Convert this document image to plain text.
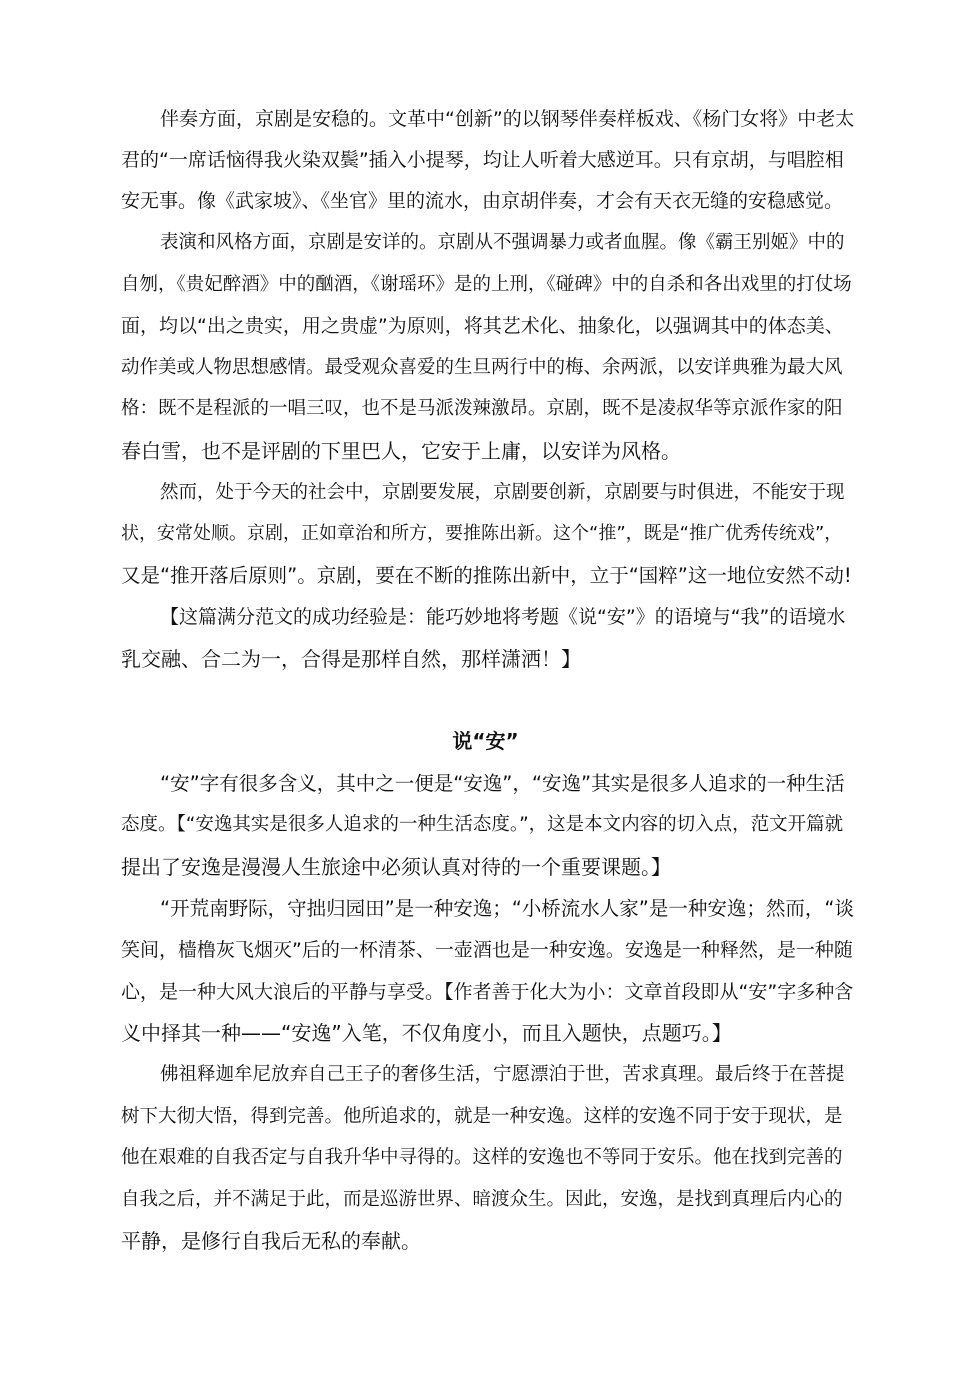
伴奏方面，京剧是安稳的。文革中“创新”的以钢琴伴奏样板戏、《杨门女将》中老太
君的“一席话恼得我火染双鬓”插入小提琴，均让人听着大感逆耳。只有京胡，与唱腔相
安无事。像《武家坡》、《坐官》里的流水，由京胡伴奏，才会有天衣无缝的安稳感觉。
表演和风格方面，京剧是安详的。京剧从不强调暴力或者血腥。像《霸王别姬》中的
自刎，《贵妃醉酒》中的酗酒，《谢瑶环》是的上刑，《碰碑》中的自杀和各出戏里的打仗场
面，均以“出之贵实，用之贵虚”为原则，将其艺术化、抽象化，以强调其中的体态美、
动作美或人物思想感情。最受观众喜爱的生旦两行中的梅、余两派，以安详典雅为最大风
格：既不是程派的一唱三叹，也不是马派泼辣激昂。京剧，既不是凌叔华等京派作家的阳
春白雪，也不是评剧的下里巴人，它安于上庸，以安详为风格。
然而，处于今天的社会中，京剧要发展，京剧要创新，京剧要与时俱进，不能安于现
状，安常处顺。京剧，正如章治和所方，要推陈出新。这个“推”，既是“推广优秀传统戏”，
又是“推开落后原则”。京剧，要在不断的推陈出新中，立于“国粹”这一地位安然不动!
【这篇满分范文的成功经验是：能巧妙地将考题《说“安”》的语境与“我”的语境水
乳交融、合二为一，合得是那样自然，那样潇洒！】
说“安”
“安”字有很多含义，其中之一便是“安逸”，“安逸”其实是很多人追求的一种生活
态度。【“安逸其实是很多人追求的一种生活态度。”，这是本文内容的切入点，范文开篇就
提出了安逸是漫漫人生旅途中必须认真对待的一个重要课题。】
“开荒南野际，守拙归园田”是一种安逸；“小桥流水人家”是一种安逸；然而，“谈
笑间，樯橹灰飞烟灭”后的一杯清茶、一壶酒也是一种安逸。安逸是一种释然，是一种随
心，是一种大风大浪后的平静与享受。【作者善于化大为小：文章首段即从“安”字多种含
义中择其一种——“安逸”入笔，不仅角度小，而且入题快，点题巧。】
佛祖释迦牟尼放弃自己王子的奢侈生活，宁愿漂泊于世，苦求真理。最后终于在菩提
树下大彻大悟，得到完善。他所追求的，就是一种安逸。这样的安逸不同于安于现状，是
他在艰难的自我否定与自我升华中寻得的。这样的安逸也不等同于安乐。他在找到完善的
自我之后，并不满足于此，而是巡游世界、暗渡众生。因此，安逸，是找到真理后内心的
平静，是修行自我后无私的奉献。
